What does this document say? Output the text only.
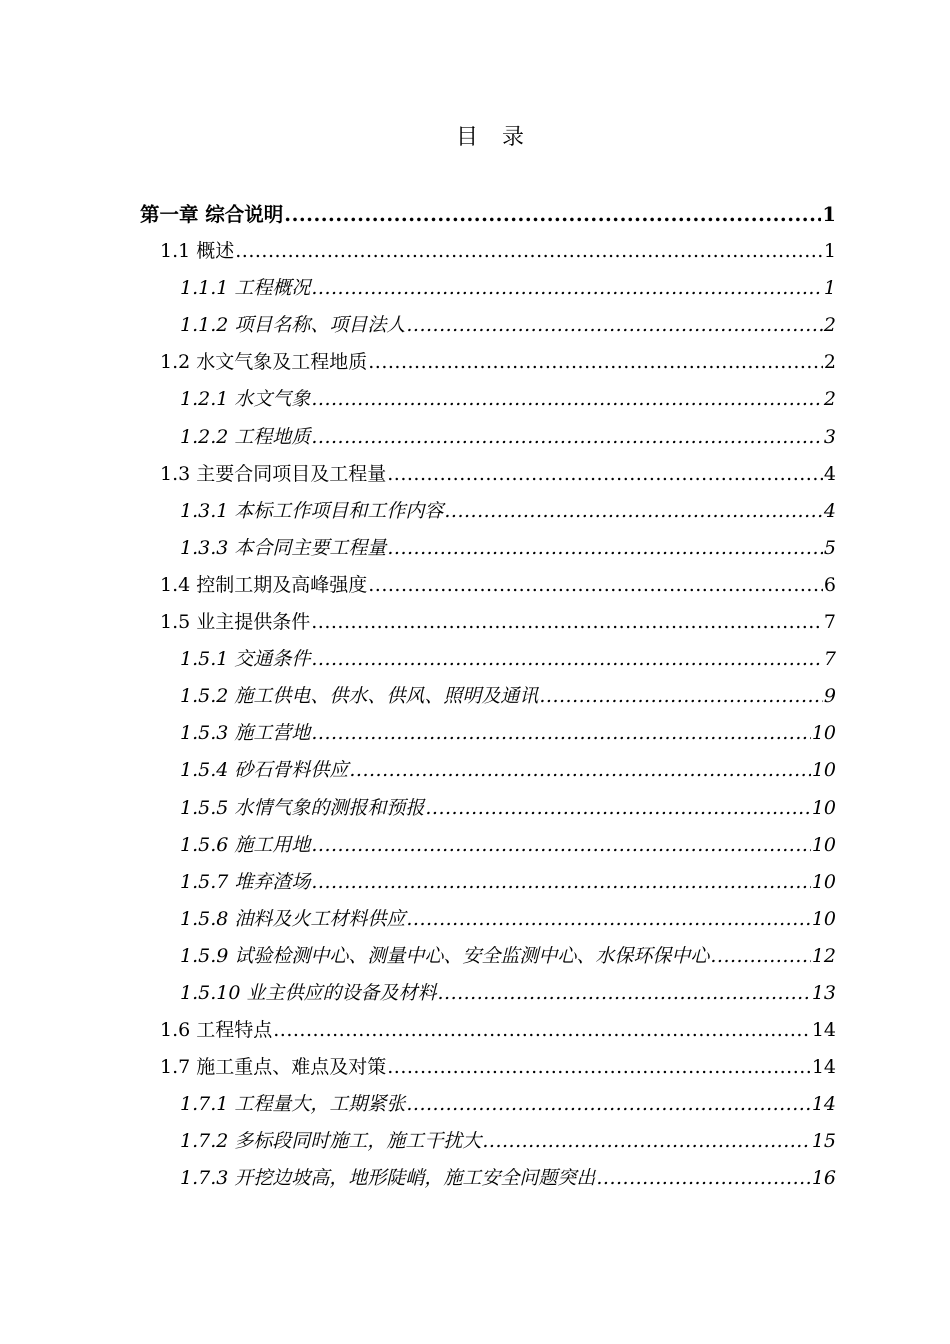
目 录
第一章 综合说明 .....	1
1.1 概述 .....	1
1.1.1 工程概况 .....	1
1.1.2 项目名称、项目法人 .....	2
1.2 水文气象及工程地质 .....	2
1.2.1 水文气象 .....	2
1.2.2 工程地质 .....	3
1.3 主要合同项目及工程量 .....	4
1.3.1 本标工作项目和工作内容 .....	4
1.3.3 本合同主要工程量 .....	5
1.4 控制工期及高峰强度 .....	6
1.5 业主提供条件 .....	7
1.5.1 交通条件 .....	7
1.5.2 施工供电、供水、供风、照明及通讯 .....	9
1.5.3 施工营地 .....	10
1.5.4 砂石骨料供应 .....	10
1.5.5 水情气象的测报和预报 .....	10
1.5.6 施工用地 .....	10
1.5.7 堆弃渣场 .....	10
1.5.8 油料及火工材料供应 .....	10
1.5.9 试验检测中心、测量中心、安全监测中心、水保环保中心 .....	12
1.5.10 业主供应的设备及材料 .....	13
1.6 工程特点 .....	14
1.7 施工重点、难点及对策 .....	14
1.7.1 工程量大，工期紧张 .....	14
1.7.2 多标段同时施工，施工干扰大 .....	15
1.7.3 开挖边坡高，地形陡峭，施工安全问题突出 .....	16
